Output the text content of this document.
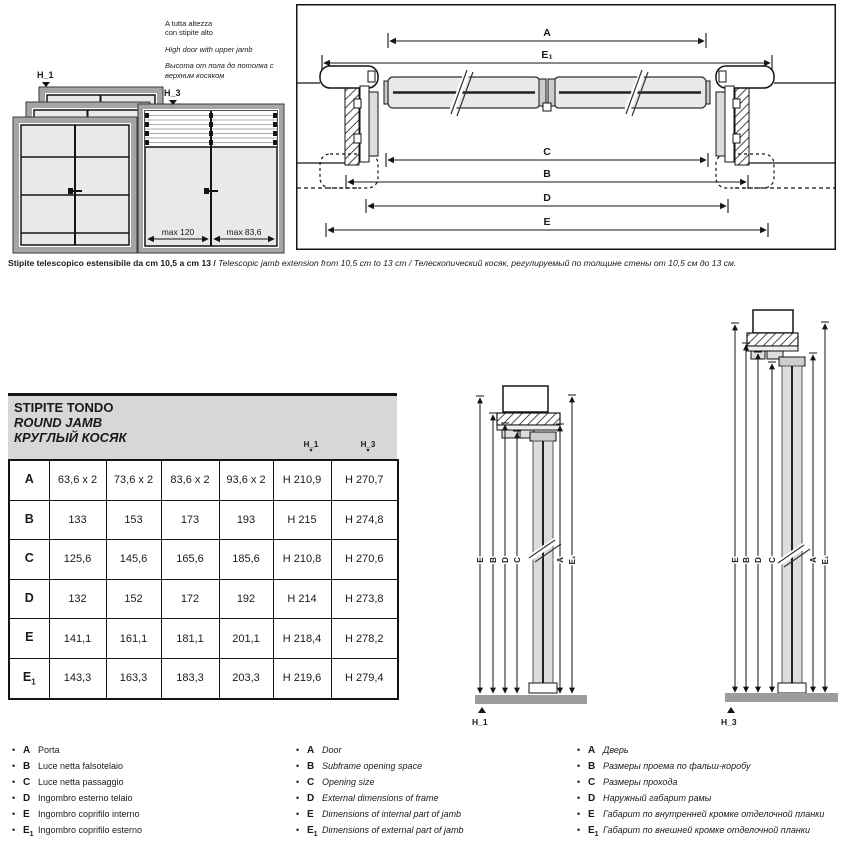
max 120	max 83,6
H_1
H_3
A tutta altezza
con stipite alto
High door with upper jamb
Высота от пола до потолка с
верхним косяком
A
E₁
C
B
D
E
Stipite telescopico estensibile da cm 10,5 a cm 13 / Telescopic jamb extension from 10,5 cm to 13 cm / Телескопический косяк, регулируемый по толщине стены от 10,5 см до 13 см.
STIPITE TONDO
ROUND JAMB
КРУГЛЫЙ КОСЯК	H_1
▼
H_3
▼
A	63,6 x 2	73,6 x 2	83,6 x 2	93,6 x 2	H 210,9	H 270,7
B	133	153	173	193	H 215	H 274,8
C	125,6	145,6	165,6	185,6	H 210,8	H 270,6
D	132	152	172	192	H 214	H 273,8
E	141,1	161,1	181,1	201,1	H 218,4	H 278,2
$E_1$	143,3	163,3	183,3	203,3	H 219,6	H 279,4
E B D C	A E₁
H_1
E B D C	A E₁
H_3
• A Porta
• B Luce netta falsotelaio
• C Luce netta passaggio
• D Ingombro esterno telaio
• E Ingombro coprifilo interno
• $E_1$ Ingombro coprifilo esterno
• A Door
• B Subframe opening space
• C Opening size
• D External dimensions of frame
• E Dimensions of internal part of jamb
• $E_1$ Dimensions of external part of jamb
• A Дверь
• B Размеры проема по фальш-коробу
• C Размеры прохода
• D Наружный габарит рамы
• E Габарит по внутренней кромке отделочной планки
• $E_1$ Габарит по внешней кромке отделочной планки
